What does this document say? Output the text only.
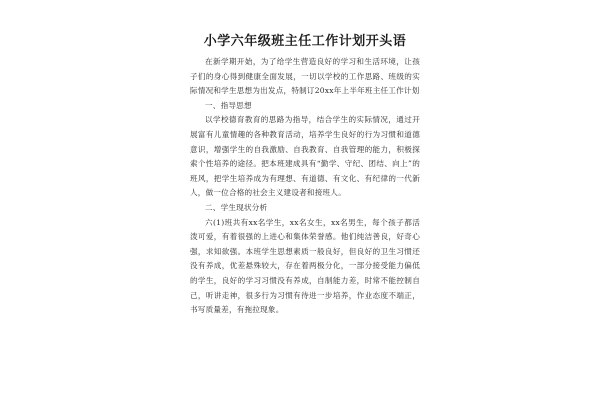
小学六年级班主任工作计划开头语

在新学期开始，为了给学生营造良好的学习和生活环境，让孩子们的身心得到健康全面发展，一切以学校的工作思路、班级的实际情况和学生思想为出发点，特制订20xx年上半年班主任工作计划

一、指导思想

以学校德育教育的思路为指导，结合学生的实际情况，通过开展富有儿童情趣的各种教育活动，培养学生良好的行为习惯和道德意识，增强学生的自我激励、自我教育、自我管理的能力，积极探索个性培养的途径。把本班建成具有“勤学、守纪、团结、向上”的班风，把学生培养成为有理想、有道德、有文化、有纪律的一代新人，做一位合格的社会主义建设者和接班人。

二、学生现状分析

六(1)班共有xx名学生，xx名女生，xx名男生，每个孩子都活泼可爱，有着很强的上进心和集体荣誉感。他们纯洁善良，好奇心强，求知欲强。本班学生思想素质一般良好，但良好的卫生习惯还没有养成，优差悬殊较大，存在着两极分化，一部分接受能力偏低的学生，良好的学习习惯没有养成，自制能力差，时常不能控制自己，听讲走神，很多行为习惯有待进一步培养，作业态度不端正，书写质量差，有拖拉现象。
